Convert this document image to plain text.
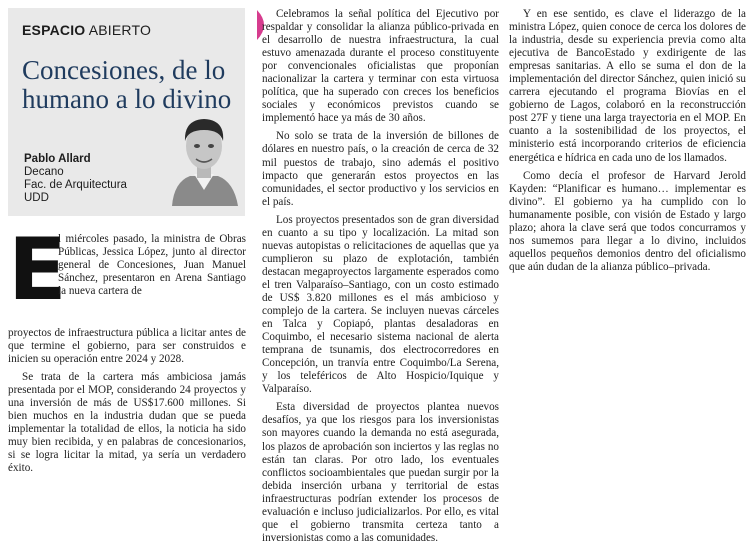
ESPACIO ABIERTO
Concesiones, de lo humano a lo divino
Pablo Allard
Decano
Fac. de Arquitectura
UDD
E
l miércoles pasado, la ministra de Obras Públicas, Jessica López, junto al director general de Concesiones, Juan Manuel Sánchez, presentaron en Arena Santiago la nueva cartera de

proyectos de infraestructura pública a licitar antes de que termine el gobierno, para ser construidos e inicien su operación entre 2024 y 2028.

Se trata de la cartera más ambiciosa jamás presentada por el MOP, considerando 24 proyectos y una inversión de más de US$17.600 millones. Si bien muchos en la industria dudan que se pueda implementar la totalidad de ellos, la noticia ha sido muy bien recibida, y en palabras de concesionarios, si se logra licitar la mitad, ya sería un verdadero éxito.

Celebramos la señal política del Ejecutivo por respaldar y consolidar la alianza público-privada en el desarrollo de nuestra infraestructura, la cual estuvo amenazada durante el proceso constituyente por convencionales oficialistas que proponían nacionalizar la cartera y terminar con esta virtuosa política, que ha superado con creces los beneficios sociales y económicos previstos cuando se implementó hace ya más de 30 años.

No solo se trata de la inversión de billones de dólares en nuestro país, o la creación de cerca de 32 mil puestos de trabajo, sino además el positivo impacto que generarán estos proyectos en las comunidades, el sector productivo y los servicios en el país.

Los proyectos presentados son de gran diversidad en cuanto a su tipo y localización. La mitad son nuevas autopistas o relicitaciones de aquellas que ya cumplieron su plazo de explotación, también destacan megaproyectos largamente esperados como el tren Valparaíso–Santiago, con un costo estimado de US$ 3.820 millones es el más ambicioso y complejo de la cartera. Se incluyen nuevas cárceles en Talca y Copiapó, plantas desaladoras en Coquimbo, el necesario sistema nacional de alerta temprana de tsunamis, dos electrocorredores en Concepción, un tranvía entre Coquimbo/La Serena, y los teleféricos de Alto Hospicio/Iquique y Valparaíso.

Esta diversidad de proyectos plantea nuevos desafíos, ya que los riesgos para los inversionistas son mayores cuando la demanda no está asegurada, los plazos de aprobación son inciertos y las reglas no están tan claras. Por otro lado, los eventuales conflictos socioambientales que puedan surgir por la debida inserción urbana y territorial de estas infraestructuras podrían extender los procesos de evaluación e incluso judicializarlos. Por ello, es vital que el gobierno transmita certeza tanto a inversionistas como a las comunidades.

Y en ese sentido, es clave el liderazgo de la ministra López, quien conoce de cerca los dolores de la industria, desde su experiencia previa como alta ejecutiva de BancoEstado y exdirigente de las empresas sanitarias. A ello se suma el don de la implementación del director Sánchez, quien inició su carrera ejecutando el programa Biovías en el gobierno de Lagos, colaboró en la reconstrucción post 27F y tiene una larga trayectoria en el MOP. En cuanto a la sostenibilidad de los proyectos, el ministerio está incorporando criterios de eficiencia energética e hídrica en cada uno de los llamados.

Como decía el profesor de Harvard Jerold Kayden: “Planificar es humano… implementar es divino”. El gobierno ya ha cumplido con lo humanamente posible, con visión de Estado y largo plazo; ahora la clave será que todos concurramos y nos sumemos para llegar a lo divino, incluidos aquellos pequeños demonios dentro del oficialismo que aún dudan de la alianza público–privada.
